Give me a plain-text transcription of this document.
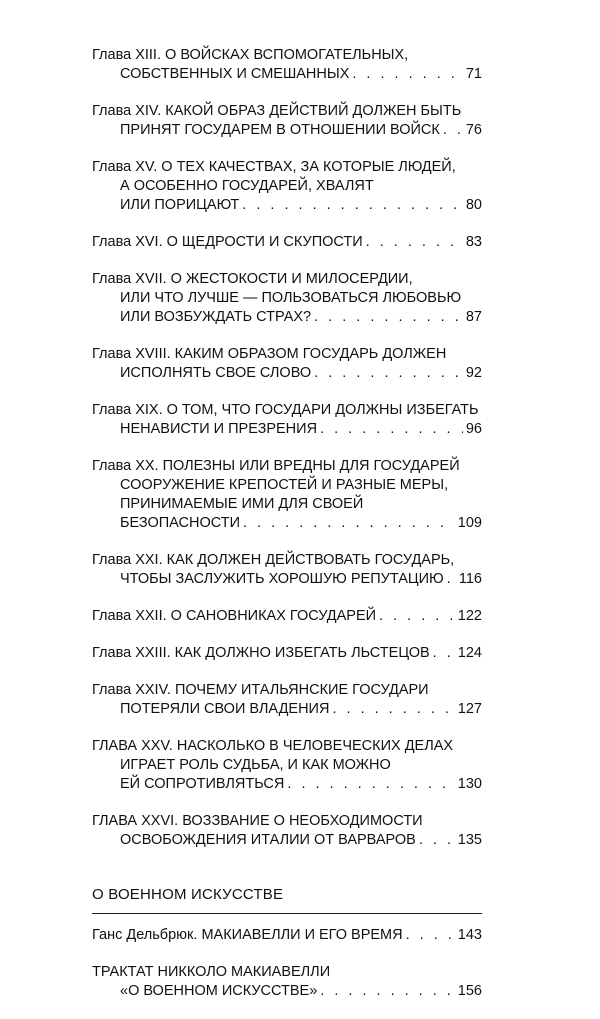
Глава XIII. О ВОЙСКАХ ВСПОМОГАТЕЛЬНЫХ,
СОБСТВЕННЫХ И СМЕШАННЫХ . . .	71
Глава XIV. КАКОЙ ОБРАЗ ДЕЙСТВИЙ ДОЛЖЕН БЫТЬ
ПРИНЯТ ГОСУДАРЕМ В ОТНОШЕНИИ ВОЙСК . . . 76
Глава XV. О ТЕХ КАЧЕСТВАХ, ЗА КОТОРЫЕ ЛЮДЕЙ,
А ОСОБЕННО ГОСУДАРЕЙ, ХВАЛЯТ
ИЛИ ПОРИЦАЮТ . . .	80
Глава XVI. О ЩЕДРОСТИ И СКУПОСТИ . . .	83
Глава XVII. О ЖЕСТОКОСТИ И МИЛОСЕРДИИ,
ИЛИ ЧТО ЛУЧШЕ — ПОЛЬЗОВАТЬСЯ ЛЮБОВЬЮ
ИЛИ ВОЗБУЖДАТЬ СТРАХ? . . .	87
Глава XVIII. КАКИМ ОБРАЗОМ ГОСУДАРЬ ДОЛЖЕН
ИСПОЛНЯТЬ СВОЕ СЛОВО . . .	92
Глава XIX. О ТОМ, ЧТО ГОСУДАРИ ДОЛЖНЫ ИЗБЕГАТЬ
НЕНАВИСТИ И ПРЕЗРЕНИЯ . . .	96
Глава XX. ПОЛЕЗНЫ ИЛИ ВРЕДНЫ ДЛЯ ГОСУДАРЕЙ
СООРУЖЕНИЕ КРЕПОСТЕЙ И РАЗНЫЕ МЕРЫ,
ПРИНИМАЕМЫЕ ИМИ ДЛЯ СВОЕЙ
БЕЗОПАСНОСТИ . . .	109
Глава XXI. КАК ДОЛЖЕН ДЕЙСТВОВАТЬ ГОСУДАРЬ,
ЧТОБЫ ЗАСЛУЖИТЬ ХОРОШУЮ РЕПУТАЦИЮ . . . 116
Глава XXII. О САНОВНИКАХ ГОСУДАРЕЙ . . .	122
Глава XXIII. КАК ДОЛЖНО ИЗБЕГАТЬ ЛЬСТЕЦОВ . . . 124
Глава XXIV. ПОЧЕМУ ИТАЛЬЯНСКИЕ ГОСУДАРИ
ПОТЕРЯЛИ СВОИ ВЛАДЕНИЯ . . .	127
ГЛАВА XXV. НАСКОЛЬКО В ЧЕЛОВЕЧЕСКИХ ДЕЛАХ
ИГРАЕТ РОЛЬ СУДЬБА, И КАК МОЖНО
ЕЙ СОПРОТИВЛЯТЬСЯ . . .	130
ГЛАВА XXVI. ВОЗЗВАНИЕ О НЕОБХОДИМОСТИ
ОСВОБОЖДЕНИЯ ИТАЛИИ ОТ ВАРВАРОВ . . .	135
О ВОЕННОМ ИСКУССТВЕ
Ганс Дельбрюк. МАКИАВЕЛЛИ И ЕГО ВРЕМЯ . . .	143
ТРАКТАТ НИККОЛО МАКИАВЕЛЛИ
«О ВОЕННОМ ИСКУССТВЕ» . . .	156
